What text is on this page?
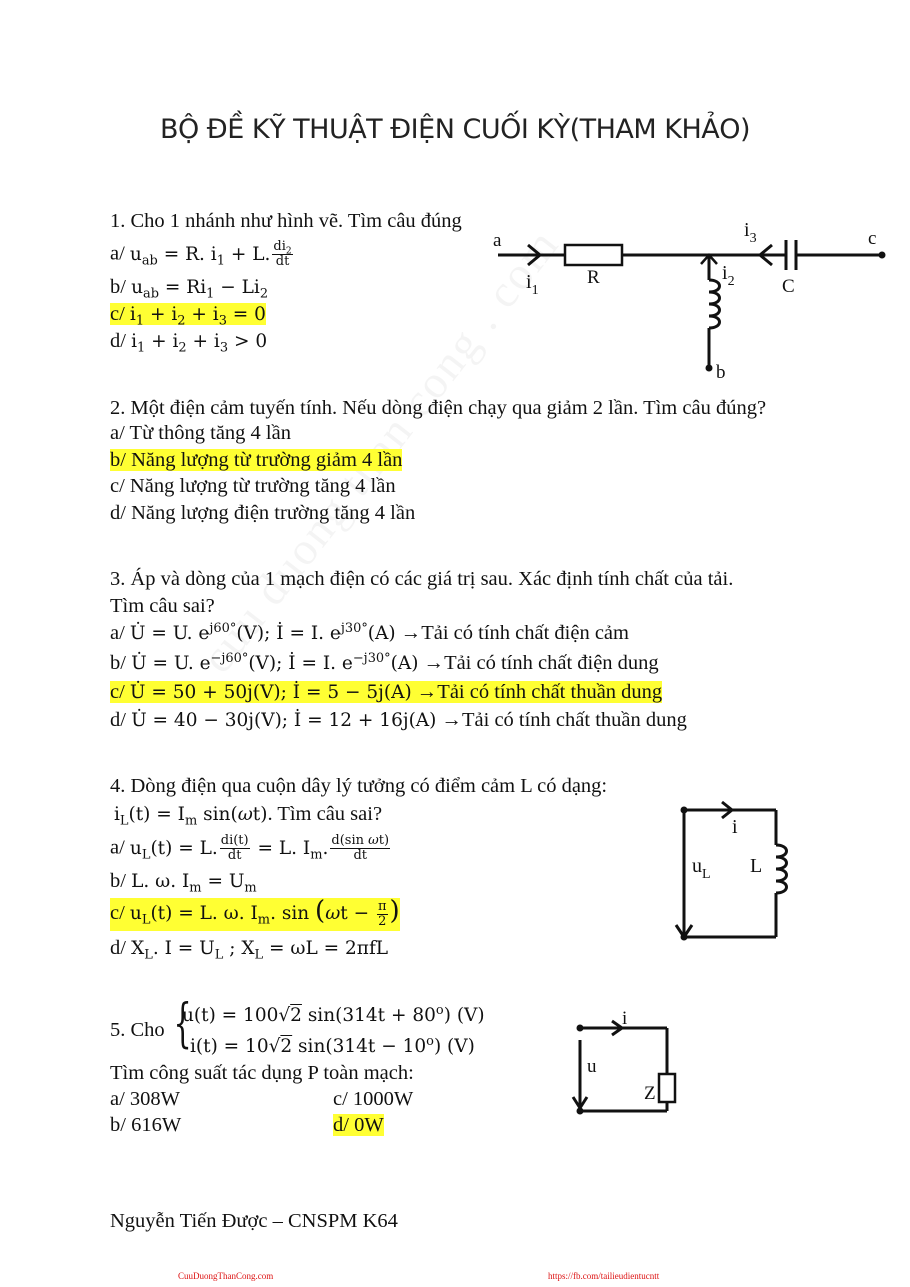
BỘ ĐỀ KỸ THUẬT ĐIỆN CUỐI KỲ(THAM KHẢO)
1. Cho 1 nhánh như hình vẽ. Tìm câu đúng
a/ $u_{ab} = R$. $i_1 + L$. $\frac{di_2}{dt}$
b/ $u_{ab} = Ri_1 - Li_2$
c/ $i_1 + i_2 + i_3 = 0$
d/ $i_1 + i_2 + i_3 > 0$
a	c
b
R	C
$i_1$
$i_2$
$i_3$
2. Một điện cảm tuyến tính. Nếu dòng điện chạy qua giảm 2 lần. Tìm câu đúng?
a/ Từ thông tăng 4 lần
b/ Năng lượng từ trường giảm 4 lần
c/ Năng lượng từ trường tăng 4 lần
d/ Năng lượng điện trường tăng 4 lần
3. Áp và dòng của 1 mạch điện có các giá trị sau. Xác định tính chất của tải.
Tìm câu sai?
a/ U̇ = U. $e^{j60^\circ}(V)$; İ = I. $e^{j30^\circ}(A)$ →Tải có tính chất điện cảm
b/ U̇ = U. $e^{-j60^\circ}(V)$; İ = I. $e^{-j30^\circ}(A)$ →Tải có tính chất điện dung
c/ U̇ = 50 + 50j(V); İ = 5 − 5j(A) →Tải có tính chất thuần dung
d/ U̇ = 40 − 30j(V); İ = 12 + 16j(A) →Tải có tính chất thuần dung
4. Dòng điện qua cuộn dây lý tưởng có điểm cảm L có dạng:
$i_L(t) = I_m$ sin(ωt). Tìm câu sai?
a/ $u_L(t) = L$. $\frac{di(t)}{dt} = L$. $I_m$. $\frac{\text{d(sin ωt)}}{dt}$
b/ L. ω. $I_m = U_m$
c/ $u_L(t) = L$. ω. $I_m$. $\sin (\omega t - \frac{\pi}{2}$ )
d/ $X_L$. $I = U_L$ ; $X_L = \omega L = 2\pi fL$
i
$u_L$ L
5. Cho {
u(t) = 100√2 $\sin(314t + 80^o)$ (V)
i(t) = 10√2 $\sin(314t - 10^o)$ (V)
Tìm công suất tác dụng P toàn mạch:
a/ 308W	c/ 1000W
b/ 616W	d/ 0W
i
u
Z
Nguyễn Tiến Được – CNSPM K64
CuuDuongThanCong.com	https://fb.com/tailieudientucntt
